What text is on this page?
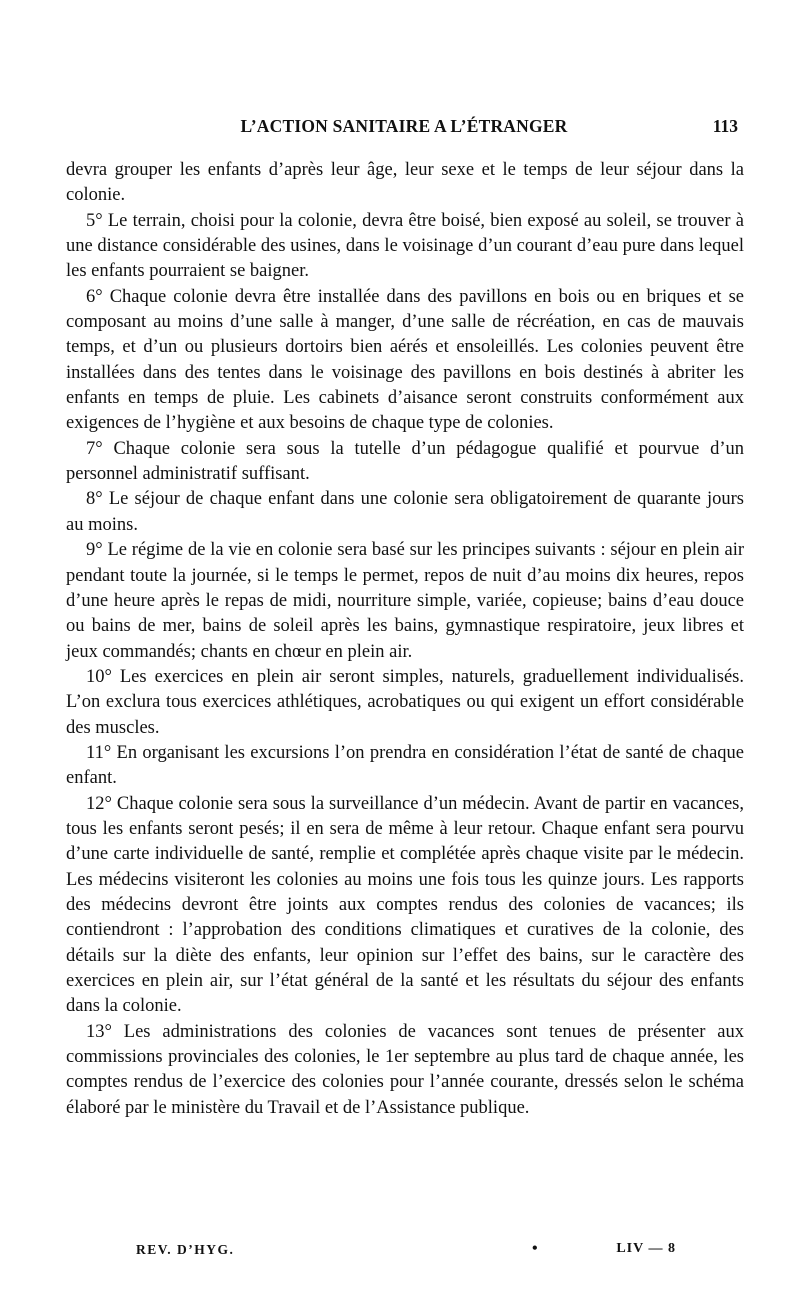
L’ACTION SANITAIRE A L’ÉTRANGER	113

devra grouper les enfants d’après leur âge, leur sexe et le temps de leur séjour dans la colonie.

5° Le terrain, choisi pour la colonie, devra être boisé, bien exposé au soleil, se trouver à une distance considérable des usines, dans le voisinage d’un courant d’eau pure dans lequel les enfants pourraient se baigner.

6° Chaque colonie devra être installée dans des pavillons en bois ou en briques et se composant au moins d’une salle à manger, d’une salle de récréation, en cas de mauvais temps, et d’un ou plusieurs dortoirs bien aérés et ensoleillés. Les colonies peuvent être installées dans des tentes dans le voisinage des pavillons en bois destinés à abriter les enfants en temps de pluie. Les cabinets d’aisance seront construits conformément aux exigences de l’hygiène et aux besoins de chaque type de colonies.

7° Chaque colonie sera sous la tutelle d’un pédagogue qualifié et pourvue d’un personnel administratif suffisant.

8° Le séjour de chaque enfant dans une colonie sera obligatoirement de quarante jours au moins.

9° Le régime de la vie en colonie sera basé sur les principes suivants : séjour en plein air pendant toute la journée, si le temps le permet, repos de nuit d’au moins dix heures, repos d’une heure après le repas de midi, nourriture simple, variée, copieuse; bains d’eau douce ou bains de mer, bains de soleil après les bains, gymnastique respiratoire, jeux libres et jeux commandés; chants en chœur en plein air.

10° Les exercices en plein air seront simples, naturels, graduellement individualisés. L’on exclura tous exercices athlétiques, acrobatiques ou qui exigent un effort considérable des muscles.

11° En organisant les excursions l’on prendra en considération l’état de santé de chaque enfant.

12° Chaque colonie sera sous la surveillance d’un médecin. Avant de partir en vacances, tous les enfants seront pesés; il en sera de même à leur retour. Chaque enfant sera pourvu d’une carte individuelle de santé, remplie et complétée après chaque visite par le médecin. Les médecins visiteront les colonies au moins une fois tous les quinze jours. Les rapports des médecins devront être joints aux comptes rendus des colonies de vacances; ils contiendront : l’approbation des conditions climatiques et curatives de la colonie, des détails sur la diète des enfants, leur opinion sur l’effet des bains, sur le caractère des exercices en plein air, sur l’état général de la santé et les résultats du séjour des enfants dans la colonie.

13° Les administrations des colonies de vacances sont tenues de présenter aux commissions provinciales des colonies, le 1er septembre au plus tard de chaque année, les comptes rendus de l’exercice des colonies pour l’année courante, dressés selon le schéma élaboré par le ministère du Travail et de l’Assistance publique.

REV. D’HYG.	•	LIV — 8
